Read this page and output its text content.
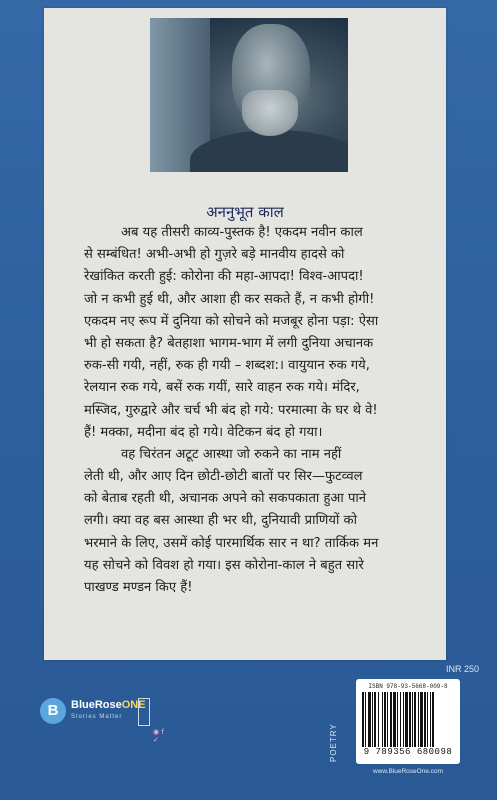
अननुभूत काल
अब यह तीसरी काव्य-पुस्तक है! एकदम नवीन काल
से सम्बंधित! अभी-अभी हो गुज़रे बड़े मानवीय हादसे को
रेखांकित करती हुई: कोरोना की महा-आपदा! विश्व-आपदा!
जो न कभी हुई थी, और आशा ही कर सकते हैं, न कभी होगी!
एकदम नए रूप में दुनिया को सोचने को मजबूर होना पड़ा: ऐसा
भी हो सकता है? बेतहाशा भागम-भाग में लगी दुनिया अचानक
रुक-सी गयी, नहीं, रुक ही गयी – शब्दश:। वायुयान रुक गये,
रेलयान रुक गये, बसें रुक गयीं, सारे वाहन रुक गये। मंदिर,
मस्जिद, गुरुद्वारे और चर्च भी बंद हो गये: परमात्मा के घर थे वे!
हैं! मक्का, मदीना बंद हो गये। वेटिकन बंद हो गया।
वह चिरंतन अटूट आस्था जो रुकने का नाम नहीं
लेती थी, और आए दिन छोटी-छोटी बातों पर सिर—फुटव्वल
को बेताब रहती थी, अचानक अपने को सकपकाता हुआ पाने
लगी। क्या वह बस आस्था ही भर थी, दुनियावी प्राणियों को
भरमाने के लिए, उसमें कोई पारमार्थिक सार न था? तार्किक मन
यह सोचने को विवश हो गया। इस कोरोना-काल ने बहुत सारे
पाखण्ड मण्डन किए हैं!
INR 250
B	BlueRoseONE
Stories Matter
◉ f ✓	POETRY
ISBN 978-93-5668-009-8
9 789356 680098
www.BlueRoseOne.com
